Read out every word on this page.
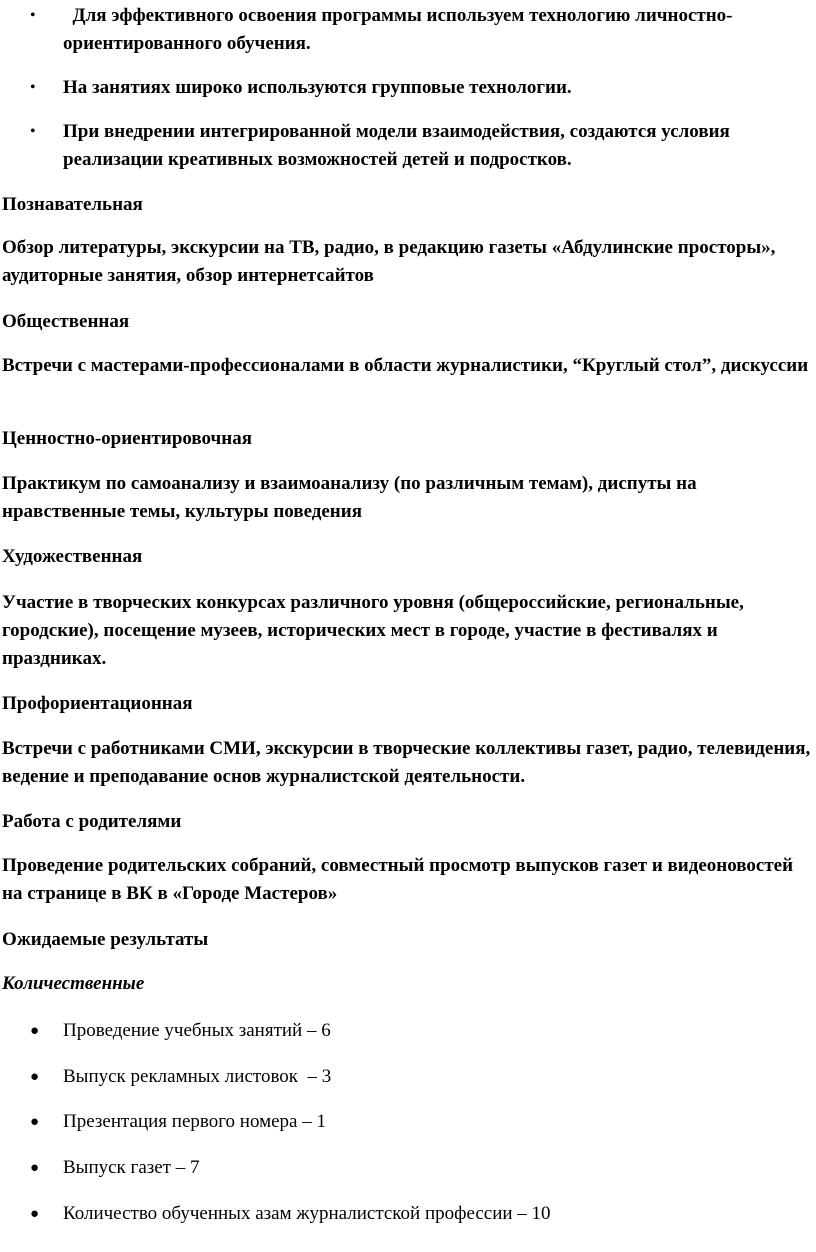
• Для эффективного освоения программы используем технологию личностно-ориентированного обучения.
• На занятиях широко используются групповые технологии.
• При внедрении интегрированной модели взаимодействия, создаются условия реализации креативных возможностей детей и подростков.
Познавательная
Обзор литературы, экскурсии на ТВ, радио, в редакцию газеты «Абдулинские просторы», аудиторные занятия, обзор интернетсайтов
Общественная
Встречи с мастерами-профессионалами в области журналистики, “Круглый стол”, дискуссии
Ценностно-ориентировочная
Практикум по самоанализу и взаимоанализу (по различным темам), диспуты на нравственные темы, культуры поведения
Художественная
Участие в творческих конкурсах различного уровня (общероссийские, региональные, городские), посещение музеев, исторических мест в городе, участие в фестивалях и праздниках.
Профориентационная
Встречи с работниками СМИ, экскурсии в творческие коллективы газет, радио, телевидения, ведение и преподавание основ журналистской деятельности.
Работа с родителями
Проведение родительских собраний, совместный просмотр выпусков газет и видеоновостей на странице в ВК в «Городе Мастеров»
Ожидаемые результаты
Количественные
● Проведение учебных занятий – 6
● Выпуск рекламных листовок  – 3
● Презентация первого номера – 1
● Выпуск газет – 7
● Количество обученных азам журналистской профессии – 10
